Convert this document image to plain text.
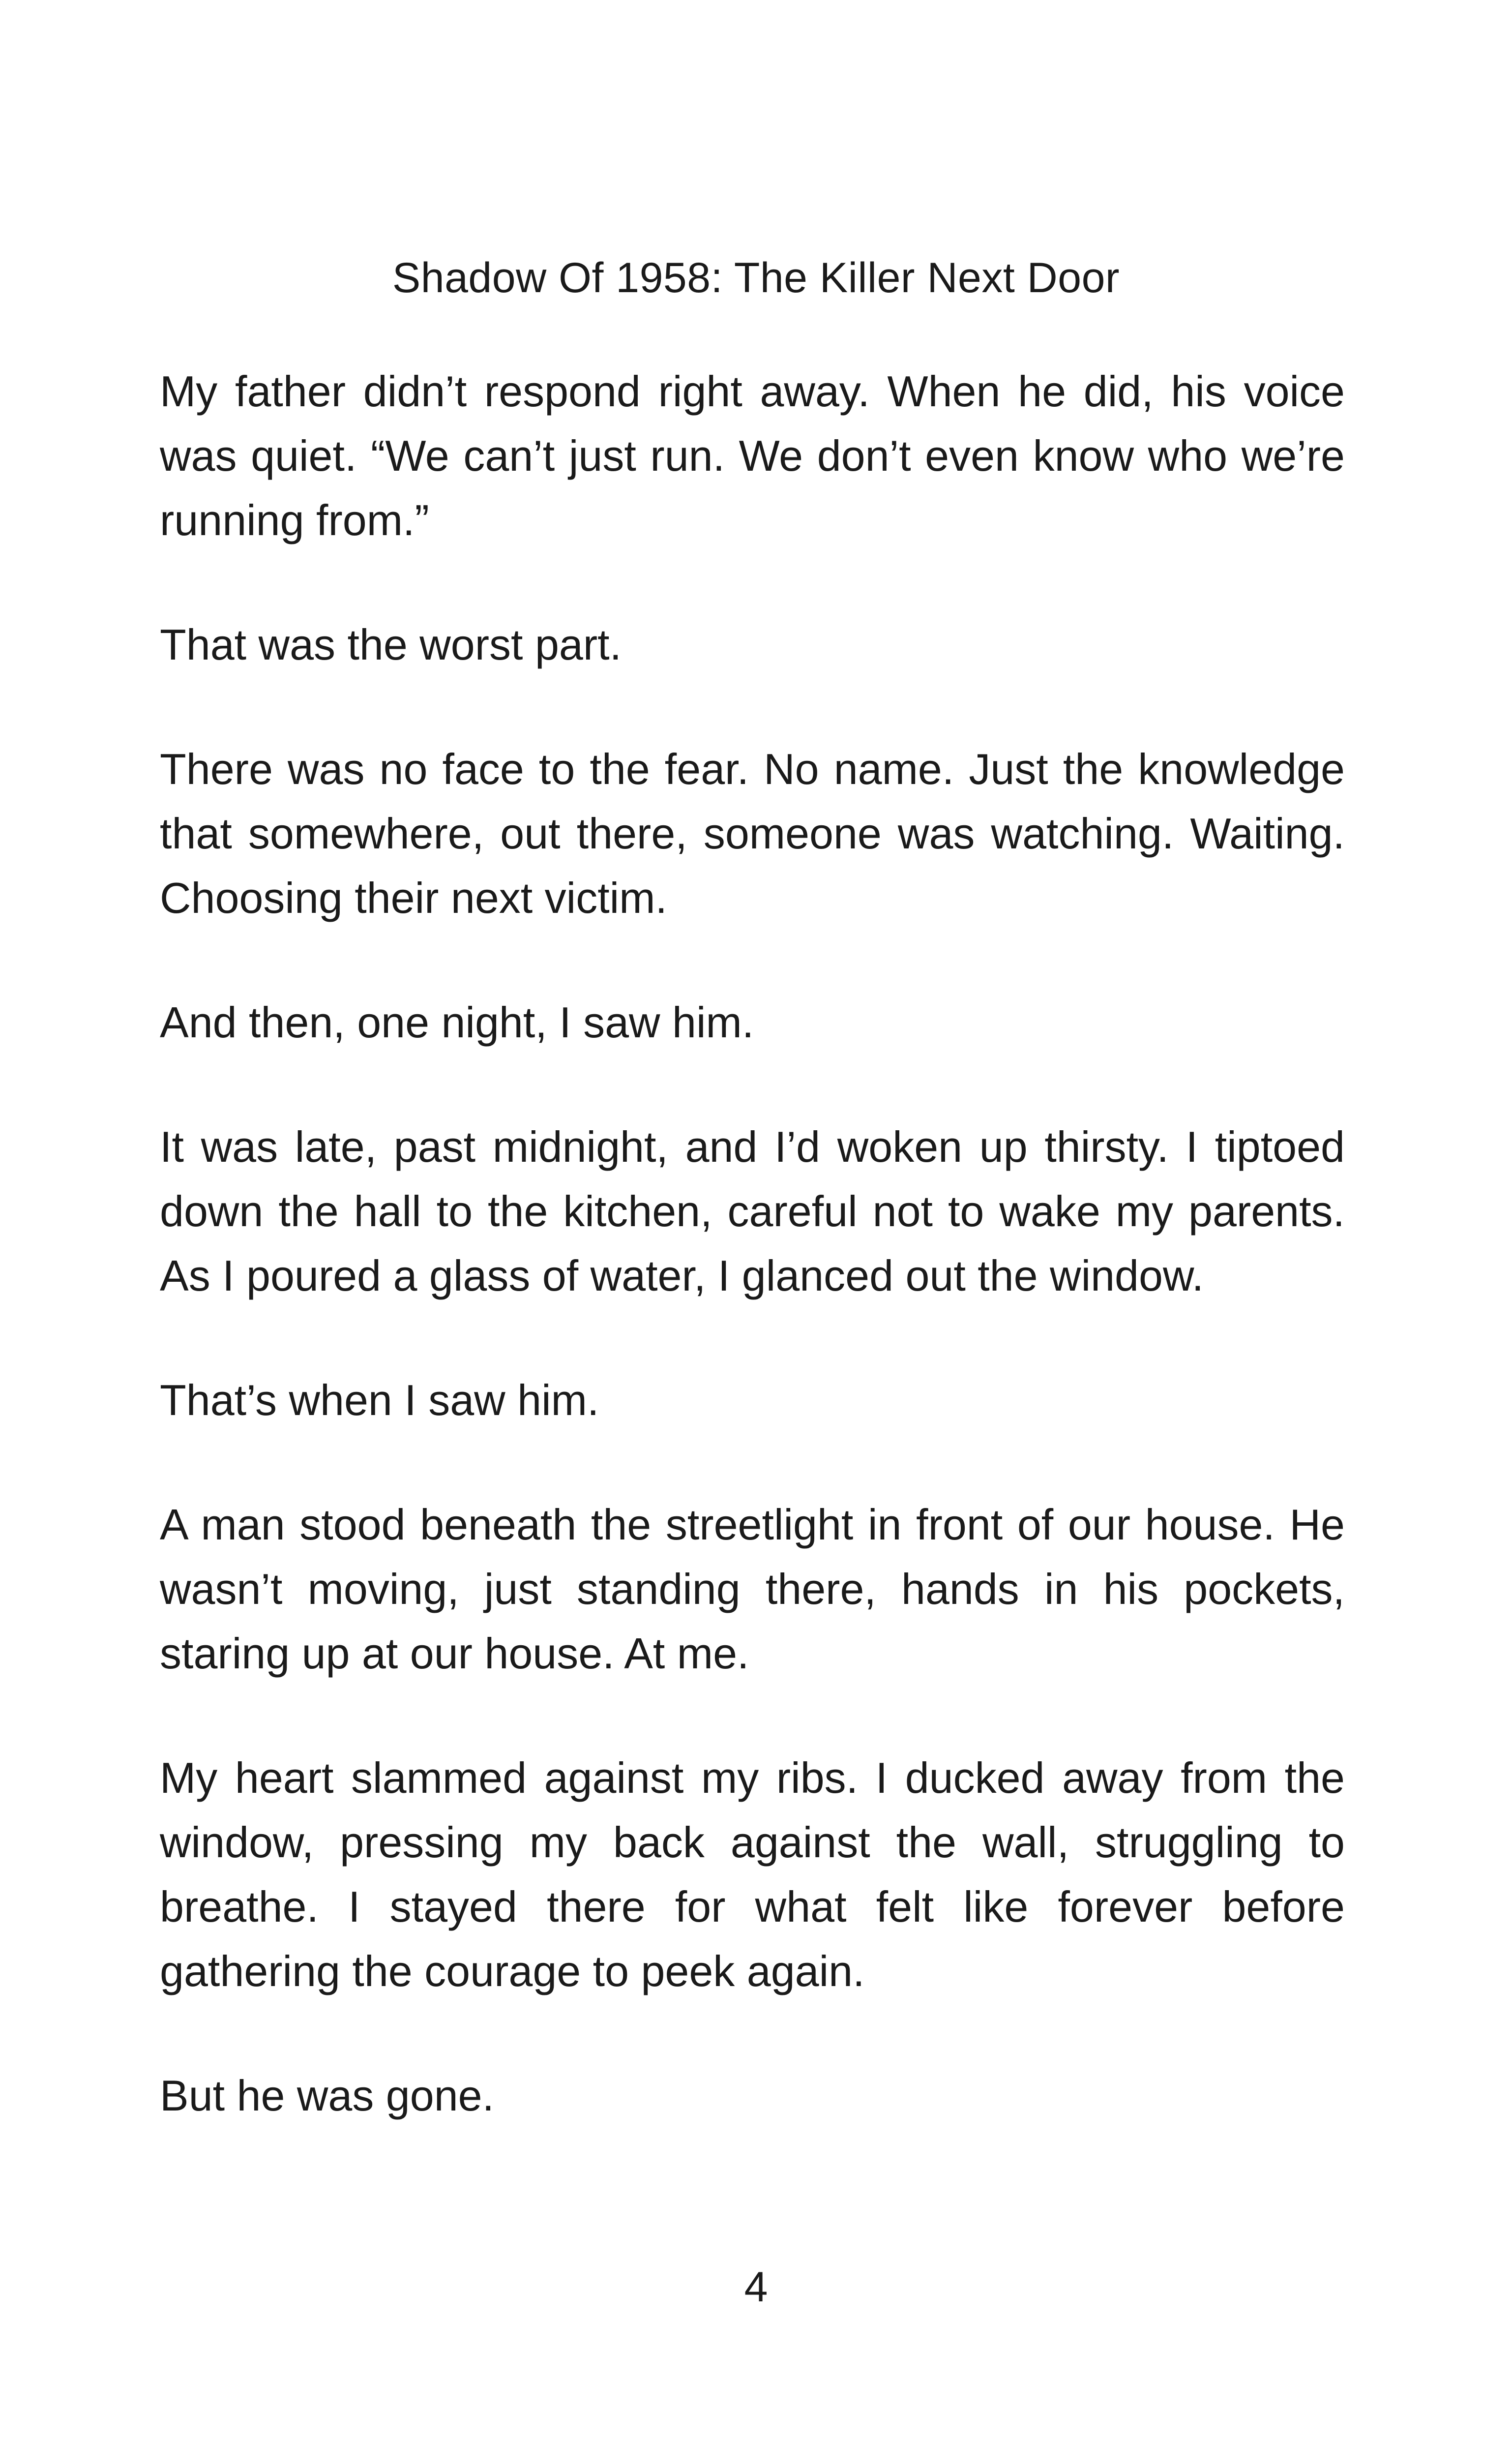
Shadow Of 1958: The Killer Next Door

My father didn’t respond right away. When he did, his voice was quiet. “We can’t just run. We don’t even know who we’re running from.”

That was the worst part.

There was no face to the fear. No name. Just the knowledge that somewhere, out there, someone was watching. Waiting. Choosing their next victim.

And then, one night, I saw him.

It was late, past midnight, and I’d woken up thirsty. I tiptoed down the hall to the kitchen, careful not to wake my parents. As I poured a glass of water, I glanced out the window.

That’s when I saw him.

A man stood beneath the streetlight in front of our house. He wasn’t moving, just standing there, hands in his pockets, staring up at our house. At me.

My heart slammed against my ribs. I ducked away from the window, pressing my back against the wall, struggling to breathe. I stayed there for what felt like forever before gathering the courage to peek again.

But he was gone.

4
